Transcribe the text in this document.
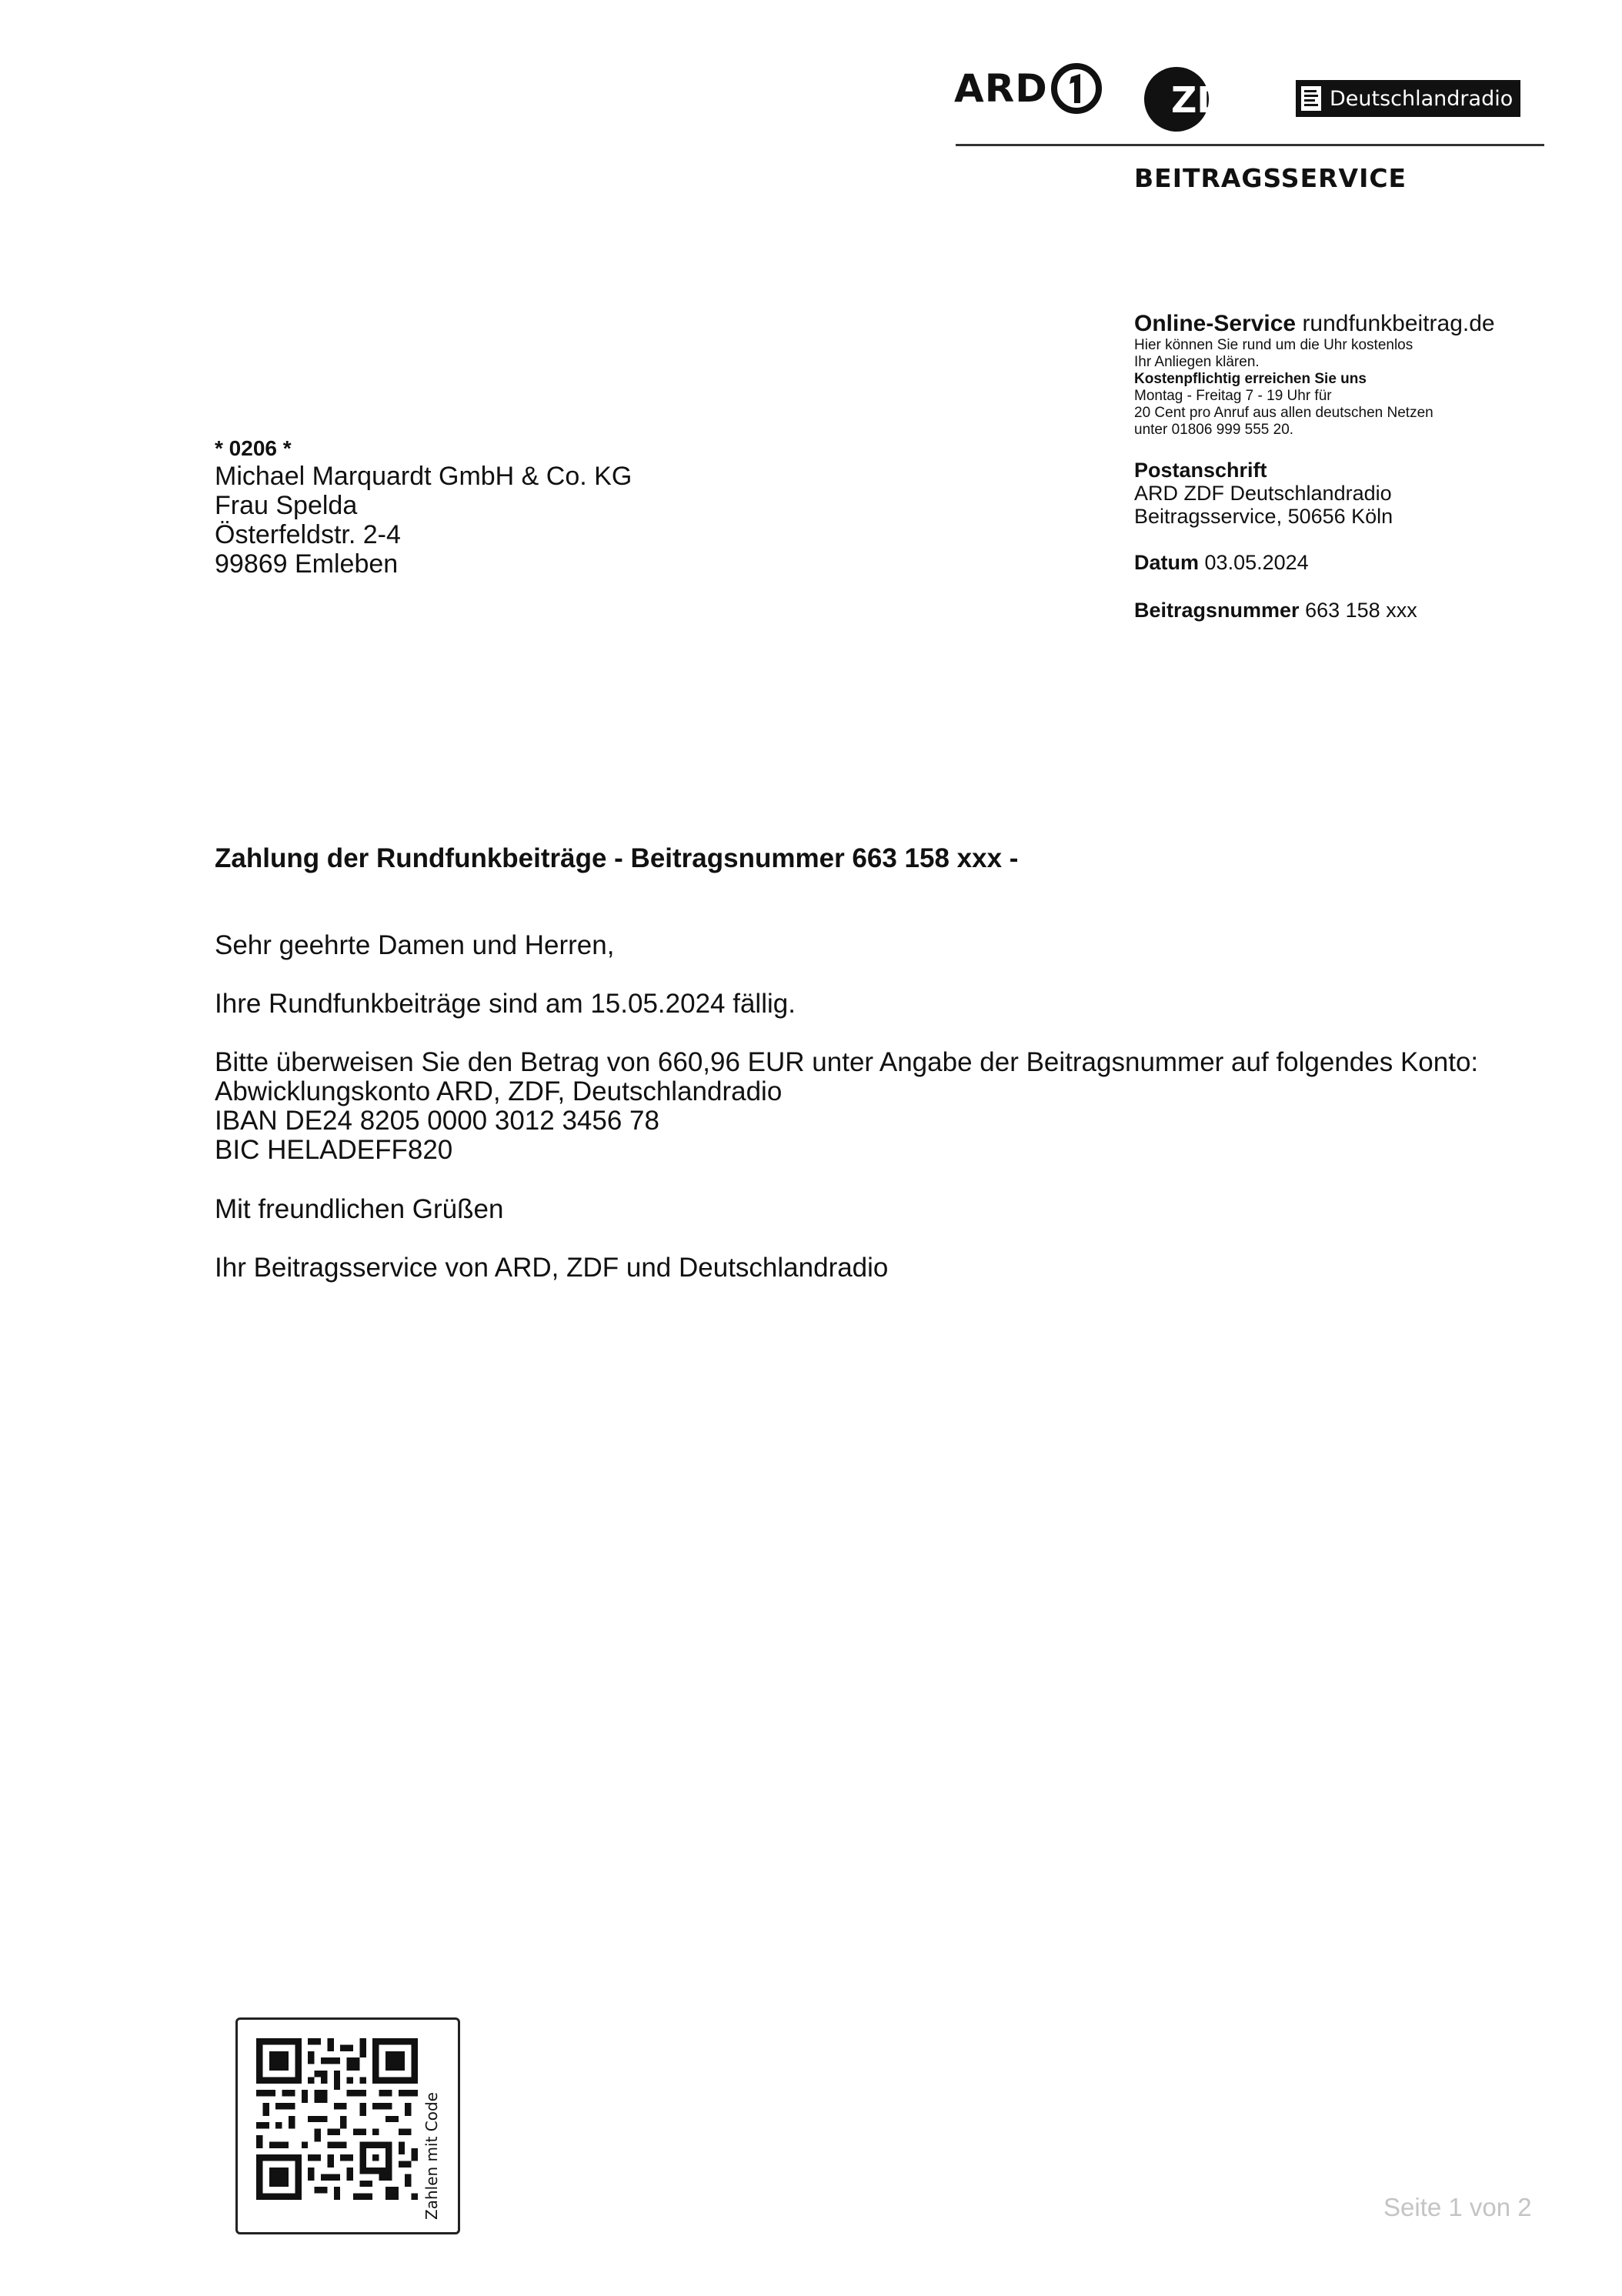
ARD	ZDF	Deutschlandradio
BEITRAGSSERVICE
Online-Service rundfunkbeitrag.de
Hier können Sie rund um die Uhr kostenlos
Ihr Anliegen klären.
Kostenpflichtig erreichen Sie uns
Montag - Freitag 7 - 19 Uhr für
20 Cent pro Anruf aus allen deutschen Netzen
unter 01806 999 555 20.
Postanschrift
ARD ZDF Deutschlandradio
Beitragsservice, 50656 Köln
Datum 03.05.2024
Beitragsnummer 663 158 xxx
* 0206 *
Michael Marquardt GmbH & Co. KG
Frau Spelda
Österfeldstr. 2-4
99869 Emleben
Zahlung der Rundfunkbeiträge - Beitragsnummer 663 158 xxx -
Sehr geehrte Damen und Herren,
Ihre Rundfunkbeiträge sind am 15.05.2024 fällig.
Bitte überweisen Sie den Betrag von 660,96 EUR unter Angabe der Beitragsnummer auf folgendes Konto:
Abwicklungskonto ARD, ZDF, Deutschlandradio
IBAN DE24 8205 0000 3012 3456 78
BIC HELADEFF820
Mit freundlichen Grüßen
Ihr Beitragsservice von ARD, ZDF und Deutschlandradio
Zahlen mit Code	Seite 1 von 2
